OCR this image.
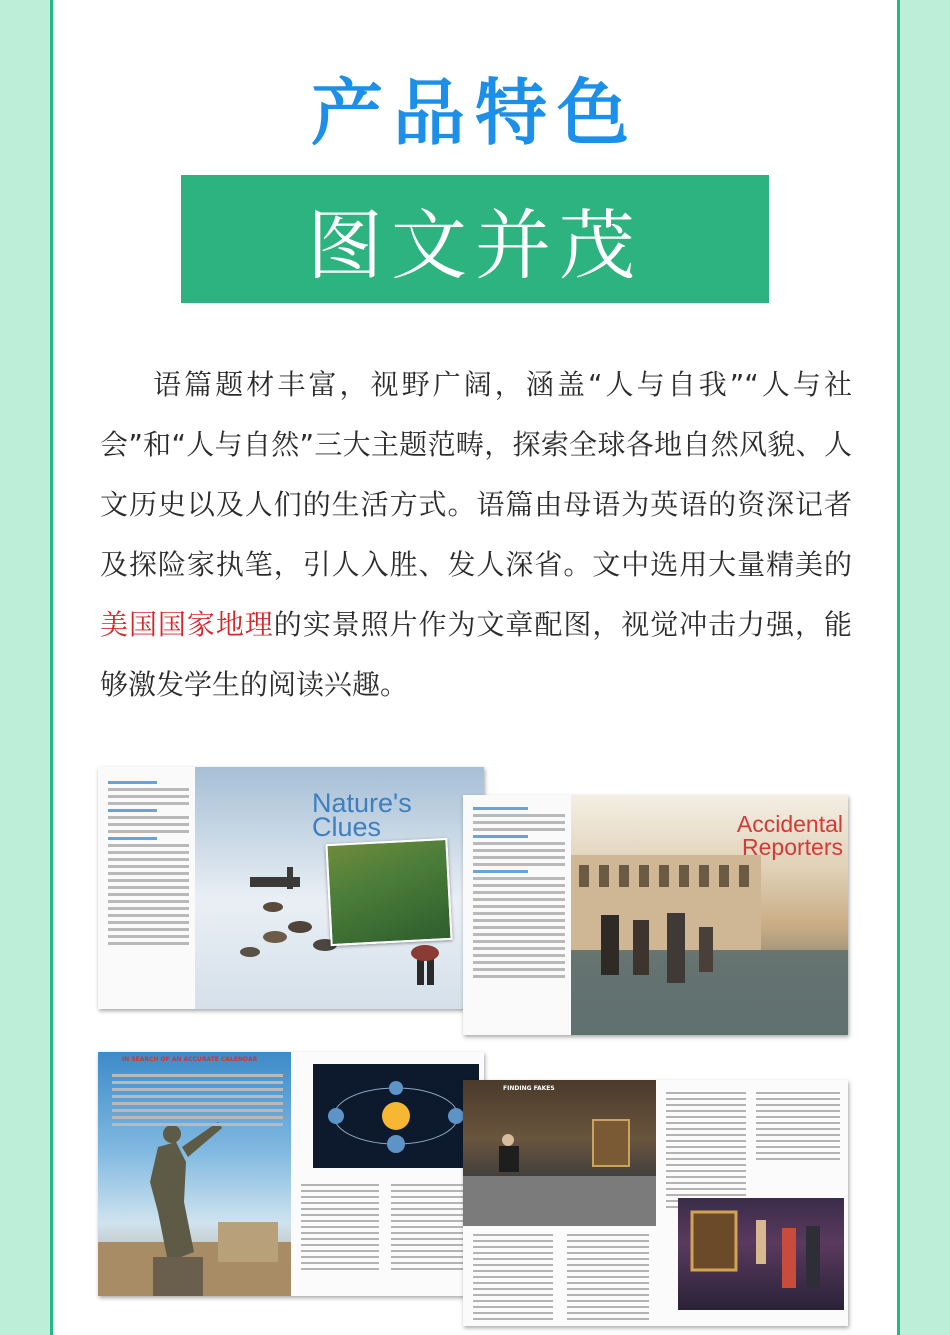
产品特色
图文并茂

语篇题材丰富，视野广阔，涵盖“人与自我”“人与社会”和“人与自然”三大主题范畴，探索全球各地自然风貌、人文历史以及人们的生活方式。语篇由母语为英语的资深记者及探险家执笔，引人入胜、发人深省。文中选用大量精美的美国国家地理的实景照片作为文章配图，视觉冲击力强，能够激发学生的阅读兴趣。

Nature's Clues	Accidental Reporters
IN SEARCH OF AN ACCURATE CALENDAR
FINDING FAKES
